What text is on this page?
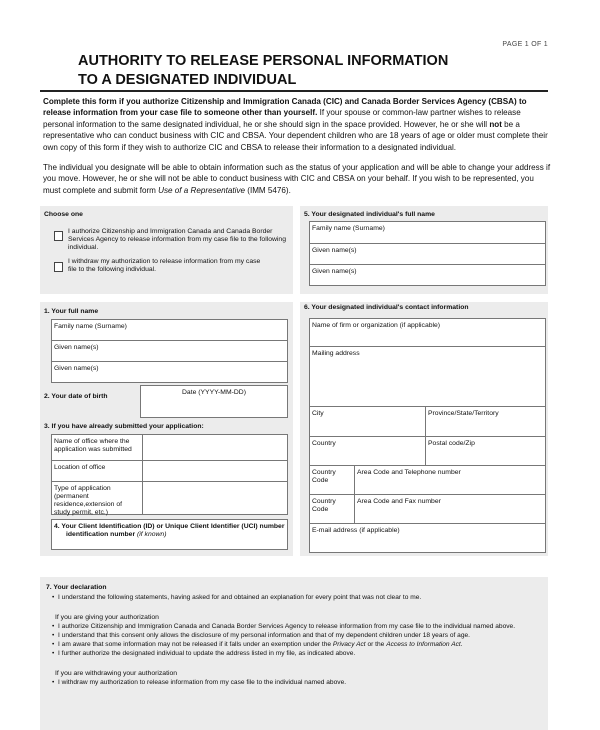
PAGE 1 OF 1
AUTHORITY TO RELEASE PERSONAL INFORMATION
TO A DESIGNATED INDIVIDUAL

Complete this form if you authorize Citizenship and Immigration Canada (CIC) and Canada Border Services Agency (CBSA) to release information from your case file to someone other than yourself. If your spouse or common-law partner wishes to release personal information to the same designated individual, he or she should sign in the space provided. However, he or she will not be a representative who can conduct business with CIC and CBSA. Your dependent children who are 18 years of age or older must complete their own copy of this form if they wish to authorize CIC and CBSA to release their information to a designated individual.

The individual you designate will be able to obtain information such as the status of your application and will be able to change your address if you move. However, he or she will not be able to conduct business with CIC and CBSA on your behalf. If you wish to be represented, you must complete and submit form Use of a Representative (IMM 5476).

Choose one
I authorize Citizenship and Immigration Canada and Canada Border Services Agency to release information from my case file to the following individual.
I withdraw my authorization to release information from my case file to the following individual.
5. Your designated individual's full name
Family name (Surname)
Given name(s)
Given name(s)
1. Your full name
Family name (Surname)
Given name(s)
Given name(s)
2. Your date of birth
Date (YYYY-MM-DD)
3. If you have already submitted your application:
Name of office where the application was submitted
Location of office
Type of application (permanent residence,extension of study permit, etc.)
4. Your Client Identification (ID) or Unique Client Identifier (UCI) number
identification number (if known)
6. Your designated individual's contact information
Name of firm or organization (if applicable)
Mailing address
City	Province/State/Territory
Country	Postal code/Zip
Country Code
Area Code and Telephone number
Country Code
Area Code and Fax number
E-mail address (if applicable)
7. Your declaration
• I understand the following statements, having asked for and obtained an explanation for every point that was not clear to me.
If you are giving your authorization
• I authorize Citizenship and Immigration Canada and Canada Border Services Agency to release information from my case file to the individual named above.
• I understand that this consent only allows the disclosure of my personal information and that of my dependent children under 18 years of age.
• I am aware that some information may not be released if it falls under an exemption under the Privacy Act or the Access to Information Act.
• I further authorize the designated individual to update the address listed in my file, as indicated above.
If you are withdrawing your authorization
• I withdraw my authorization to release information from my case file to the individual named above.
